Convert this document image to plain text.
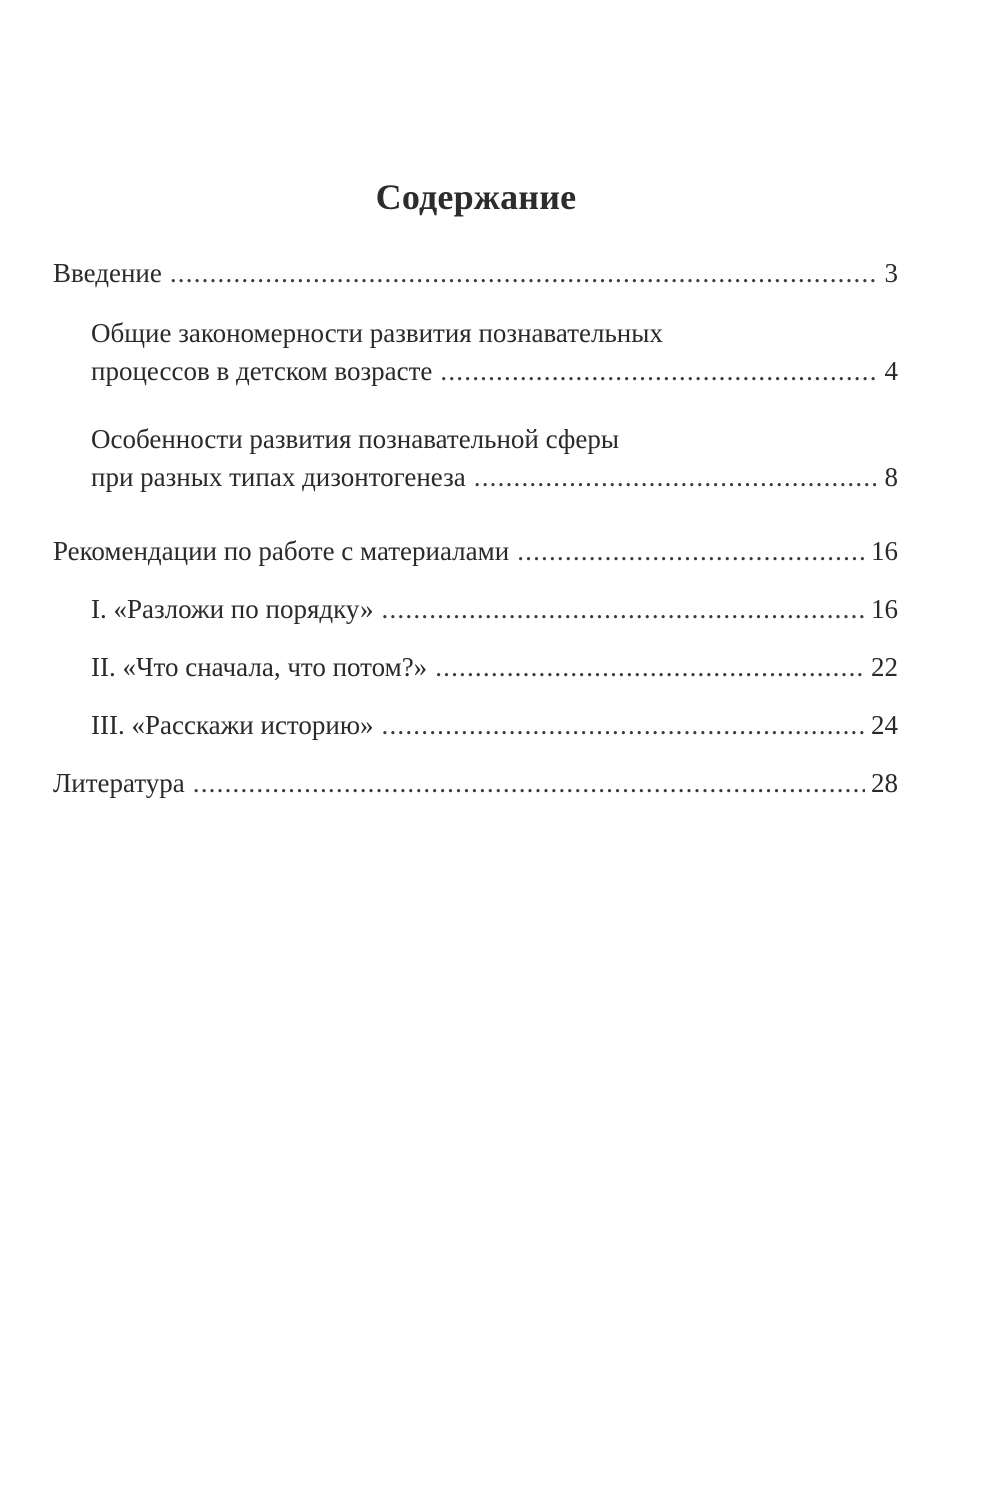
Содержание
Введение .....	3
Общие закономерности развития познавательных
процессов в детском возрасте .....	4
Особенности развития познавательной сферы
при разных типах дизонтогенеза .....	8
Рекомендации по работе с материалами .....	16
I. «Разложи по порядку» .....	16
II. «Что сначала, что потом?» .....	22
III. «Расскажи историю» .....	24
Литература .....	28
